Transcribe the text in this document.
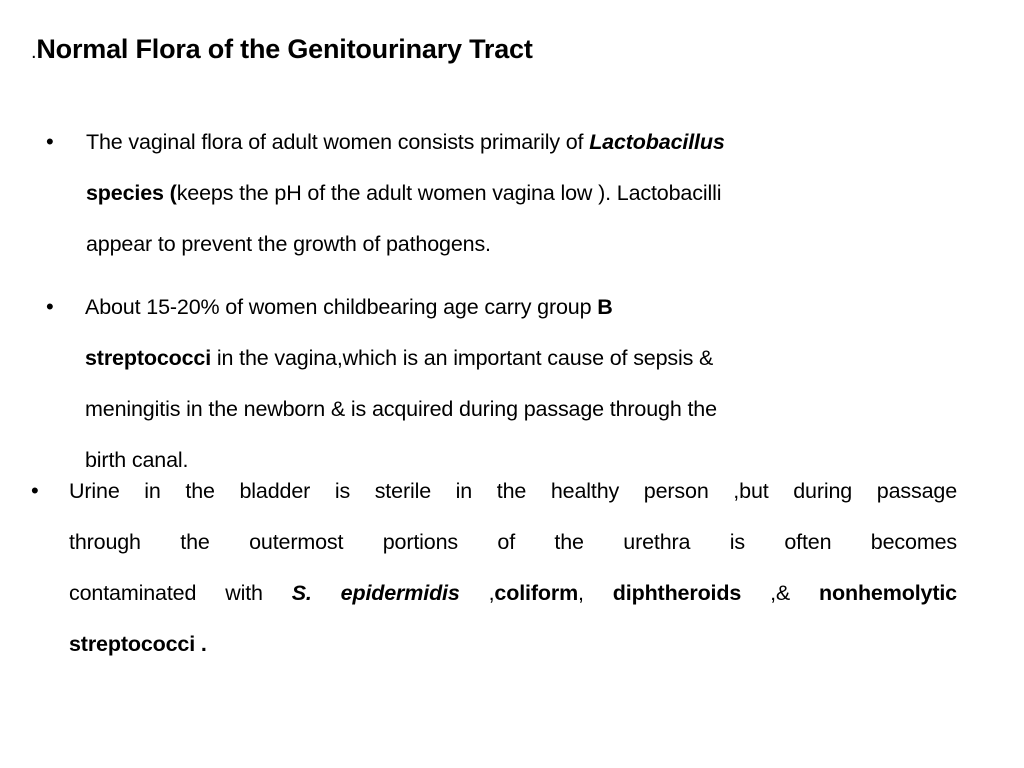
.Normal Flora of the Genitourinary Tract
• The vaginal flora of adult women consists primarily of Lactobacillus
species (keeps the pH of the adult women vagina low ). Lactobacilli
appear to prevent the growth of pathogens.
• About 15-20% of women childbearing age carry group B
streptococci in the vagina,which is an important cause of sepsis &
meningitis in the newborn & is acquired during passage through the
birth canal.
• Urine in the bladder is sterile in the healthy person ,but during passage
through the outermost portions of the urethra is often becomes
contaminated with S. epidermidis ,coliform, diphtheroids ,& nonhemolytic
streptococci .
